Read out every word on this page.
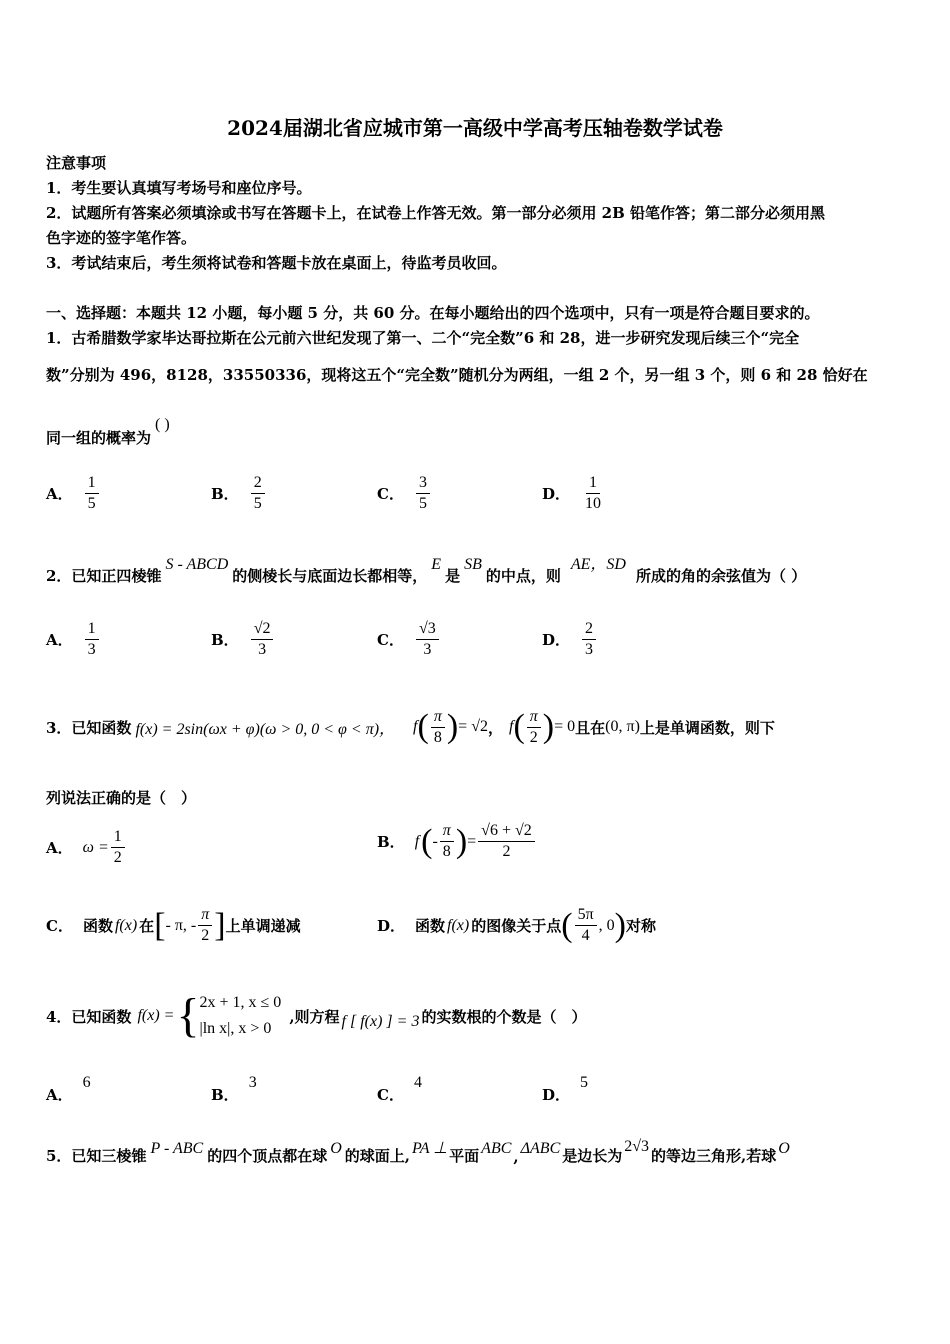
2024届湖北省应城市第一高级中学高考压轴卷数学试卷
注意事项
1．考生要认真填写考场号和座位序号。
2．试题所有答案必须填涂或书写在答题卡上，在试卷上作答无效。第一部分必须用 2B 铅笔作答；第二部分必须用黑
色字迹的签字笔作答。
3．考试结束后，考生须将试卷和答题卡放在桌面上，待监考员收回。
一、选择题：本题共 12 小题，每小题 5 分，共 60 分。在每小题给出的四个选项中，只有一项是符合题目要求的。
1．古希腊数学家毕达哥拉斯在公元前六世纪发现了第一、二个“完全数”6 和 28，进一步研究发现后续三个“完全
数”分别为 496，8128，33550336，现将这五个“完全数”随机分为两组，一组 2 个，另一组 3 个，则 6 和 28 恰好在
同一组的概率为( )
A． $\frac{1}{5}$	B． $\frac{2}{5}$	C． $\frac{3}{5}$	D． $\frac{1}{10}$
2．已知正四棱锥
S - ABCD
的侧棱长与底面边长都相等，
E
是
SB
的中点，则
AE，SD
所成的角的余弦值为（ ）
A． $\frac{1}{3}$	B． $\frac{√2}{3}$	C． $\frac{√3}{3}$	D． $\frac{2}{3}$
3．已知函数 f(x) = 2sin(ωx + φ)(ω > 0, 0 < φ < π)， f ( $\frac{\pi}{8}$ ) = √2 ， f ( $\frac{\pi}{2}$ ) = 0 且在 (0, π) 上是单调函数，则下
列说法正确的是（　）
A． $\omega = \frac{1}{2}$	B． f ( - $\frac{\pi}{8}$ ) = $\frac{√6 + √2}{2}$
C． 函数 f(x) 在 [ - π, - $\frac{\pi}{2}$ ] 上单调递减	D． 函数 f(x) 的图像关于点 ( $\frac{5\pi}{4}$ , 0 ) 对称
4．已知函数 f(x) = { 2x + 1, x ≤ 0
|ln x|, x > 0
,则方程 f [ f(x) ] = 3 的实数根的个数是（　）
A．
6
B．
3
C．
4
D．
5
5．已知三棱锥 P - ABC 的四个顶点都在球 O 的球面上, PA ⊥ 平面 ABC , ΔABC 是边长为
2√3
的等边三角形,若球 O
